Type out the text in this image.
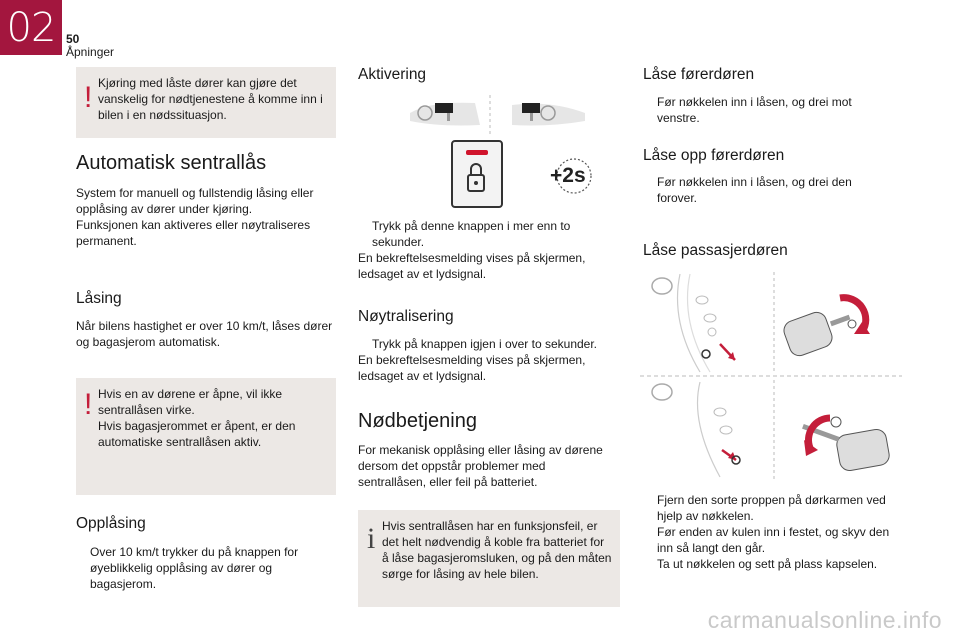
02 50
Åpninger
! Kjøring med låste dører kan gjøre det vanskelig for nødtjenestene å komme inn i bilen i en nødssituasjon.

Automatisk sentrallås

System for manuell og fullstendig låsing eller opplåsing av dører under kjøring.
Funksjonen kan aktiveres eller nøytraliseres permanent.

Låsing

Når bilens hastighet er over 10 km/t, låses dører og bagasjerom automatisk.

! Hvis en av dørene er åpne, vil ikke sentrallåsen virke.
Hvis bagasjerommet er åpent, er den automatiske sentrallåsen aktiv.

Opplåsing
Over 10 km/t trykker du på knappen for øyeblikkelig opplåsing av dører og bagasjerom.
Aktivering
+2s
Trykk på denne knappen i mer enn to sekunder.

En bekreftelsesmelding vises på skjermen, ledsaget av et lydsignal.

Nøytralisering
Trykk på knappen igjen i over to sekunder.

En bekreftelsesmelding vises på skjermen, ledsaget av et lydsignal.

Nødbetjening

For mekanisk opplåsing eller låsing av dørene dersom det oppstår problemer med sentrallåsen, eller feil på batteriet.

i Hvis sentrallåsen har en funksjonsfeil, er det helt nødvendig å koble fra batteriet for å låse bagasjeromsluken, og på den måten sørge for låsing av hele bilen.

Låse førerdøren
Før nøkkelen inn i låsen, og drei mot venstre.
Låse opp førerdøren
Før nøkkelen inn i låsen, og drei den forover.
Låse passasjerdøren
Fjern den sorte proppen på dørkarmen ved hjelp av nøkkelen.
Før enden av kulen inn i festet, og skyv den inn så langt den går.
Ta ut nøkkelen og sett på plass kapselen.
carmanualsonline.info
